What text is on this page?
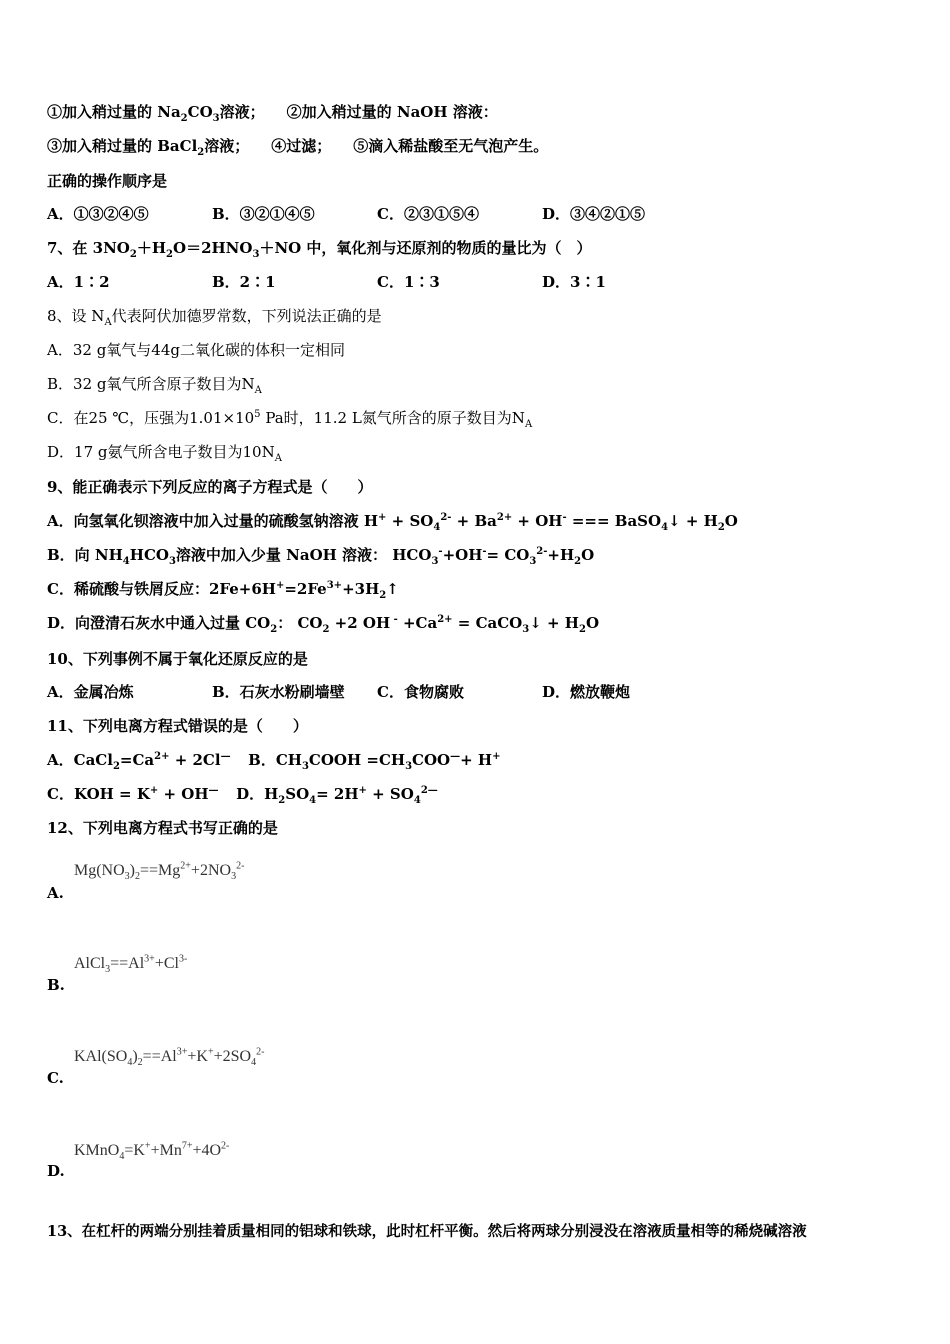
①加入稍过量的 $Na_2CO_3$溶液； ②加入稍过量的 NaOH 溶液：
③加入稍过量的 BaCl$_2$溶液； ④过滤； ⑤滴入稀盐酸至无气泡产生。
正确的操作顺序是
A．①③②④⑤	B．③②①④⑤	C．②③①⑤④	D．③④②①⑤
7、在 $3NO_2+H_2O=2HNO_3+NO$ 中，氧化剂与还原剂的物质的量比为（　）
A．1∶2	B．2∶1	C．1∶3	D．3∶1
8、设 $N_A$代表阿伏加德罗常数，下列说法正确的是
A．32 g氧气与44g二氧化碳的体积一定相同
B．32 g氧气所含原子数目为$N_A$
C．在25 ℃，压强为$1.01\times 10^5$ Pa时，11.2 L氮气所含的原子数目为$N_A$
D．17 g氨气所含电子数目为$10N_A$
9、能正确表示下列反应的离子方程式是（　　）
A．向氢氧化钡溶液中加入过量的硫酸氢钠溶液 $H^+ + SO_4^{2-} + Ba^{2+} + OH^-$ === BaSO$_4$↓ + $H_2O$
B．向 $NH_4HCO_3$溶液中加入少量 NaOH 溶液： $HCO_3^-+OH^-= CO_3^{2-}+H_2O$
C．稀硫酸与铁屑反应：$2Fe+6H^+=2Fe^{3+}+3H_2↑$
D．向澄清石灰水中通入过量 $CO_2$： $CO_2 +2$ OH $^- +Ca^{2+}$ = CaCO$_3$↓ + $H_2O$
10、下列事例不属于氧化还原反应的是
A．金属冶炼	B．石灰水粉刷墙壁 C．食物腐败	D．燃放鞭炮
11、下列电离方程式错误的是（　　）
A．$CaCl_2=Ca^{2+} + 2Cl^—$ B．$CH_3COOH =CH_3COO^—+ H^+$
C．KOH = K+ + OH— D．$H_2SO_4= 2H^+ + SO_4^{2—}$
12、下列电离方程式书写正确的是
$Mg(NO_3)_2==Mg^{2+}+2NO_3^{2-}$
A.
$AlCl_3==Al^{3+}+Cl^{3-}$
B.
$KAl(SO_4)_2==Al^{3+}+K^++2SO_4^{2-}$
C.
$KMnO_4=K^++Mn^{7+}+4O^{2-}$
D.
13、在杠杆的两端分别挂着质量相同的铝球和铁球，此时杠杆平衡。然后将两球分别浸没在溶液质量相等的稀烧碱溶液
